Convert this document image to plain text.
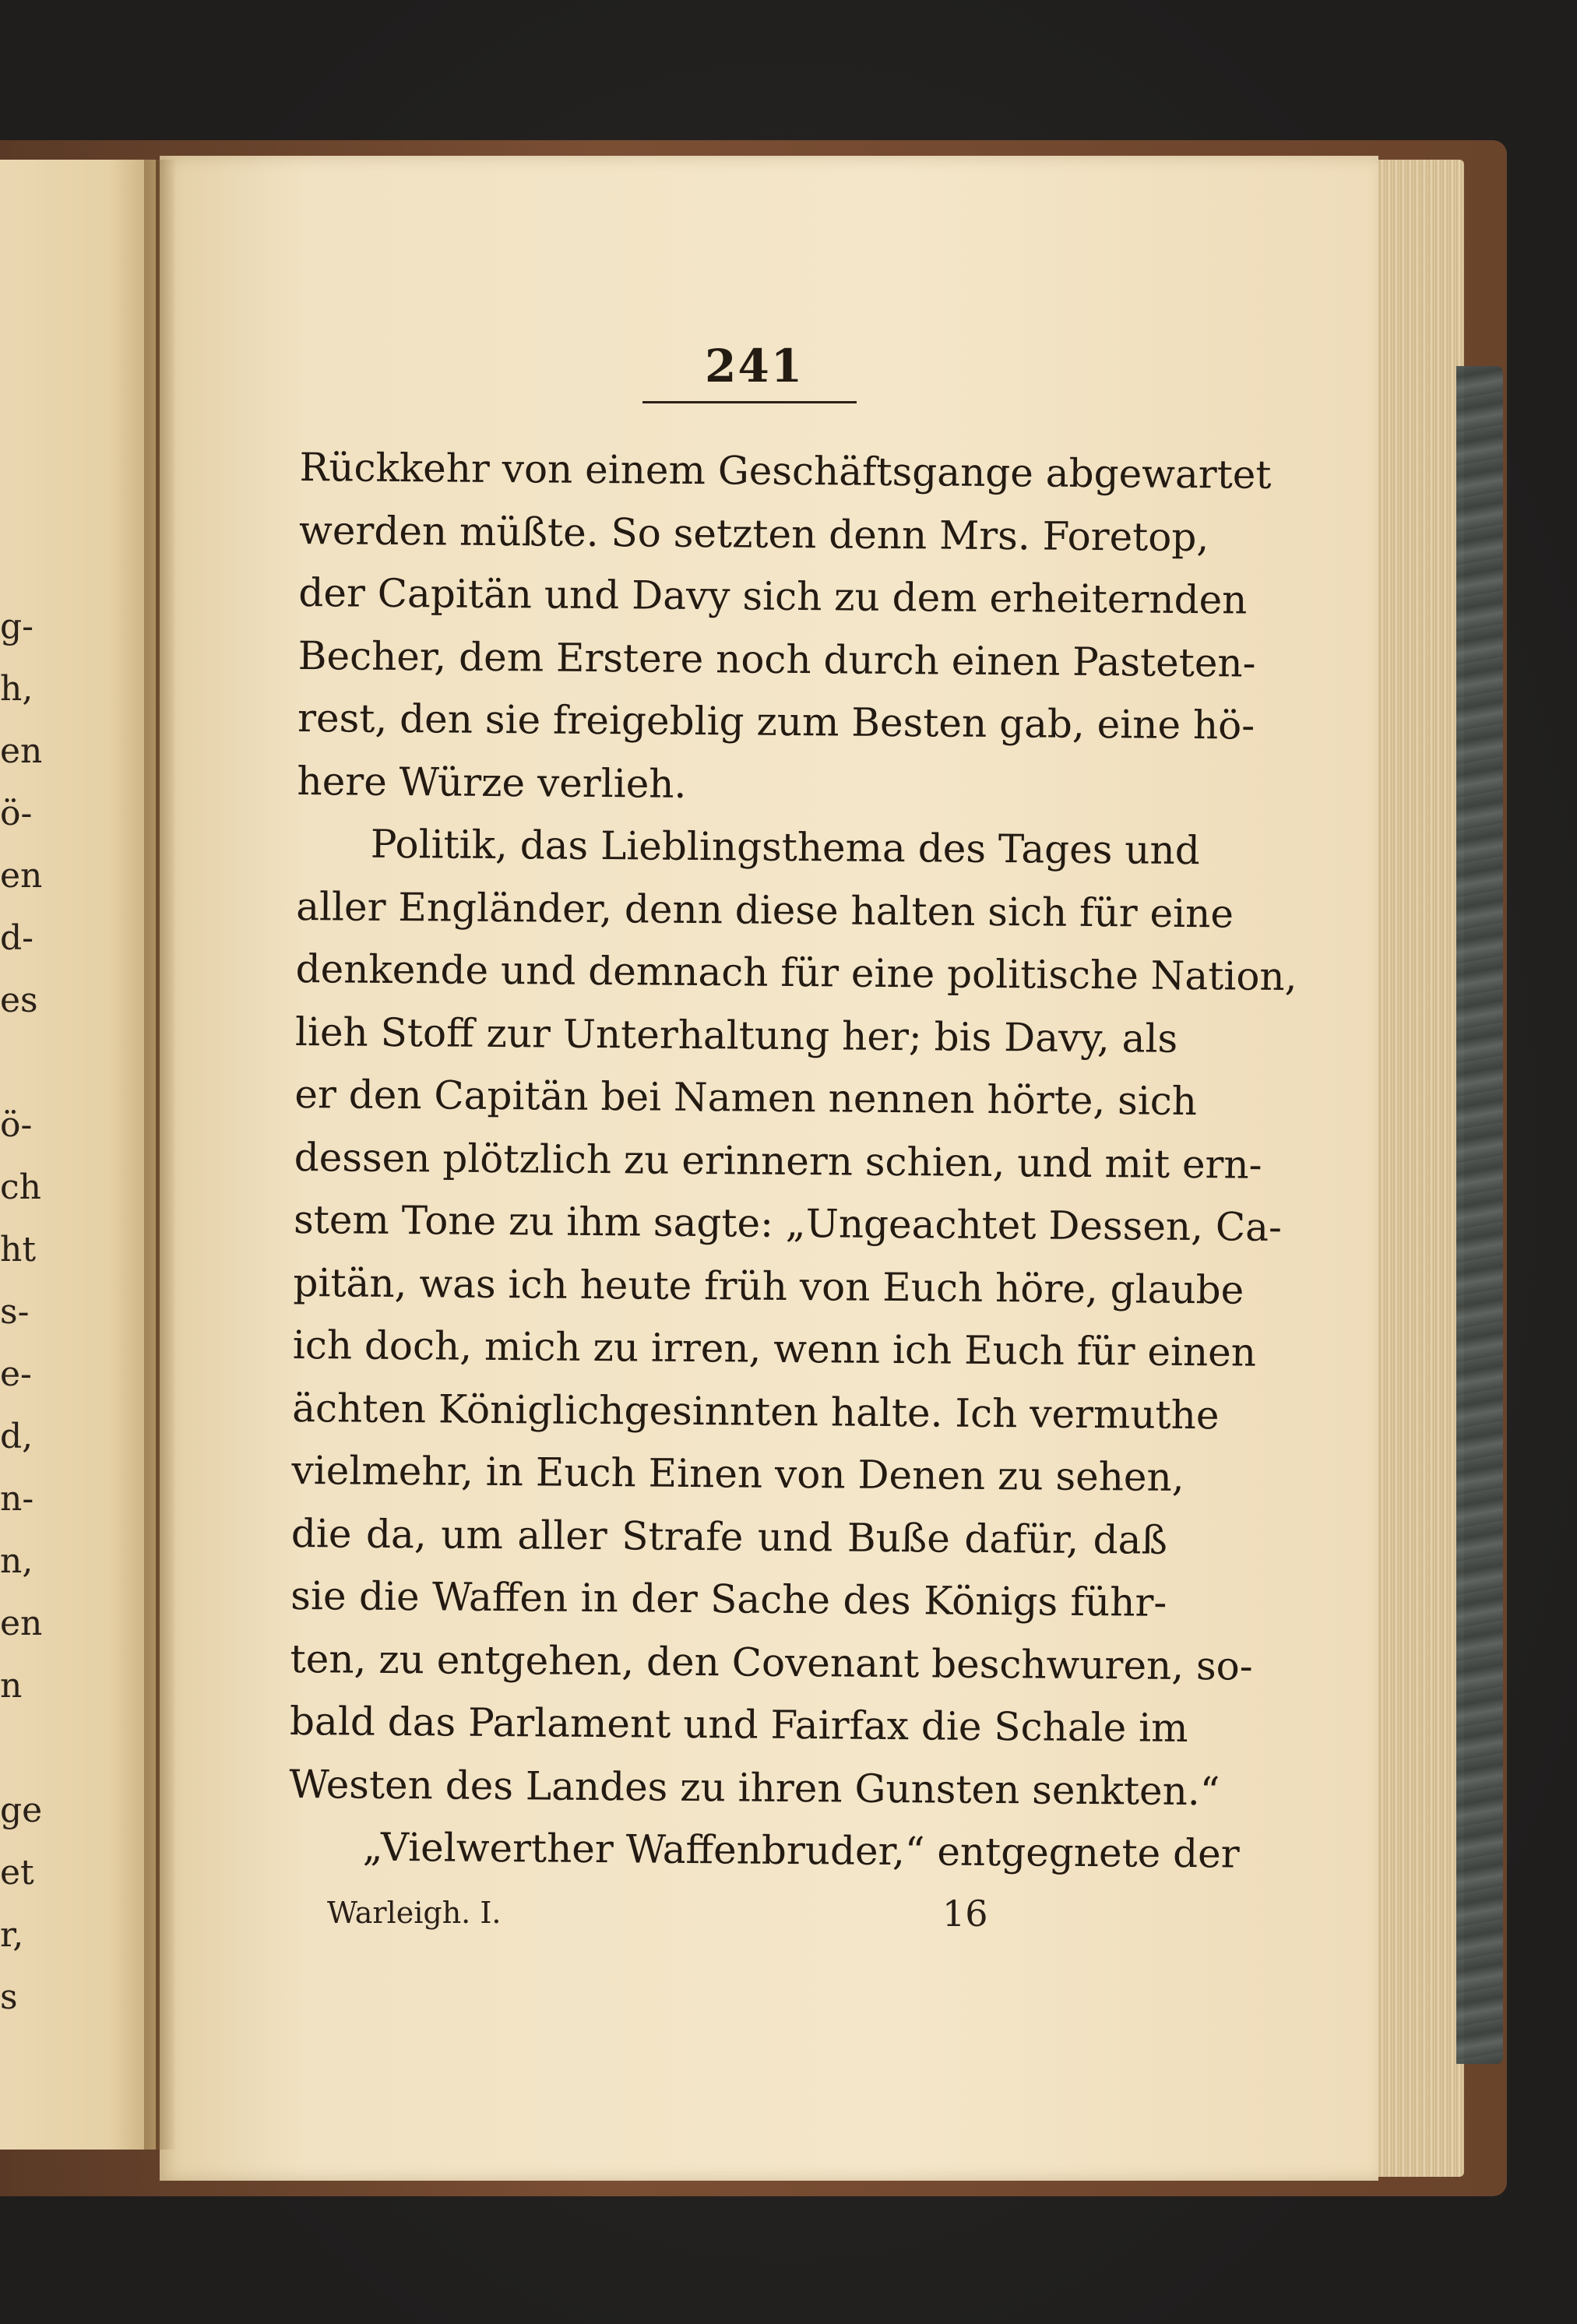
g-
h,
en
ö-
en
d-
es
ö-
ch
ht
s-
e-
d,
n-
n,
en
n
ge
et
r,
s
241
Rückkehr von einem Geschäftsgange abgewartet
werden müßte. So setzten denn Mrs. Foretop,
der Capitän und Davy sich zu dem erheiternden
Becher, dem Erstere noch durch einen Pasteten-
rest, den sie freigeblig zum Besten gab, eine hö-
here Würze verlieh.
Politik, das Lieblingsthema des Tages und
aller Engländer, denn diese halten sich für eine
denkende und demnach für eine politische Nation,
lieh Stoff zur Unterhaltung her; bis Davy, als
er den Capitän bei Namen nennen hörte, sich
dessen plötzlich zu erinnern schien, und mit ern-
stem Tone zu ihm sagte: „Ungeachtet Dessen, Ca-
pitän, was ich heute früh von Euch höre, glaube
ich doch, mich zu irren, wenn ich Euch für einen
ächten Königlichgesinnten halte. Ich vermuthe
vielmehr, in Euch Einen von Denen zu sehen,
die da, um aller Strafe und Buße dafür, daß
sie die Waffen in der Sache des Königs führ-
ten, zu entgehen, den Covenant beschwuren, so-
bald das Parlament und Fairfax die Schale im
Westen des Landes zu ihren Gunsten senkten.“
„Vielwerther Waffenbruder,“ entgegnete der
Warleigh. I.	16
